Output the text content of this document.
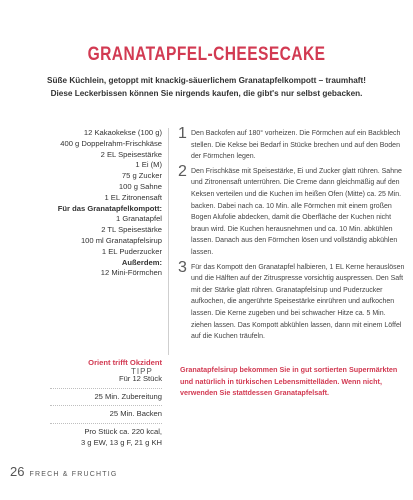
GRANATAPFEL-CHEESECAKE
Süße Küchlein, getoppt mit knackig-säuerlichem Granatapfelkompott – traumhaft!
Diese Leckerbissen können Sie nirgends kaufen, die gibt's nur selbst gebacken.
12 Kakaokekse (100 g)
400 g Doppelrahm-Frischkäse
2 EL Speisestärke
1 Ei (M)
75 g Zucker
100 g Sahne
1 EL Zitronensaft
Für das Granatapfelkompott:
1 Granatapfel
2 TL Speisestärke
100 ml Granatapfelsirup
1 EL Puderzucker
Außerdem:
12 Mini-Förmchen
Orient trifft Okzident
Für 12 Stück
25 Min. Zubereitung
25 Min. Backen
Pro Stück ca. 220 kcal,
3 g EW, 13 g F, 21 g KH
1 Den Backofen auf 180° vorheizen. Die Förmchen auf ein Backblech stellen. Die Kekse bei Bedarf in Stücke brechen und auf den Boden der Förmchen legen.
2 Den Frischkäse mit Speisestärke, Ei und Zucker glatt rühren. Sahne und Zitronensaft unterrühren. Die Creme dann gleichmäßig auf den Keksen verteilen und die Kuchen im heißen Ofen (Mitte) ca. 25 Min. backen. Dabei nach ca. 10 Min. alle Förmchen mit einem großen Bogen Alufolie abdecken, damit die Oberfläche der Kuchen nicht braun wird. Die Kuchen herausnehmen und ca. 10 Min. abkühlen lassen. Danach aus den Förmchen lösen und vollständig abkühlen lassen.
3 Für das Kompott den Granatapfel halbieren, 1 EL Kerne herauslösen und die Hälften auf der Zitruspresse vorsichtig auspressen. Den Saft mit der Stärke glatt rühren. Granatapfelsirup und Puderzucker aufkochen, die angerührte Speisestärke einrühren und aufkochen lassen. Die Kerne zugeben und bei schwacher Hitze ca. 5 Min. ziehen lassen. Das Kompott abkühlen lassen, dann mit einem Löffel auf die Kuchen träufeln.
TIPP	Granatapfelsirup bekommen Sie in gut sortierten Supermärkten und natürlich in türkischen Lebensmittelläden. Wenn nicht, verwenden Sie stattdessen Granatapfelsaft.
26 FRECH & FRUCHTIG
